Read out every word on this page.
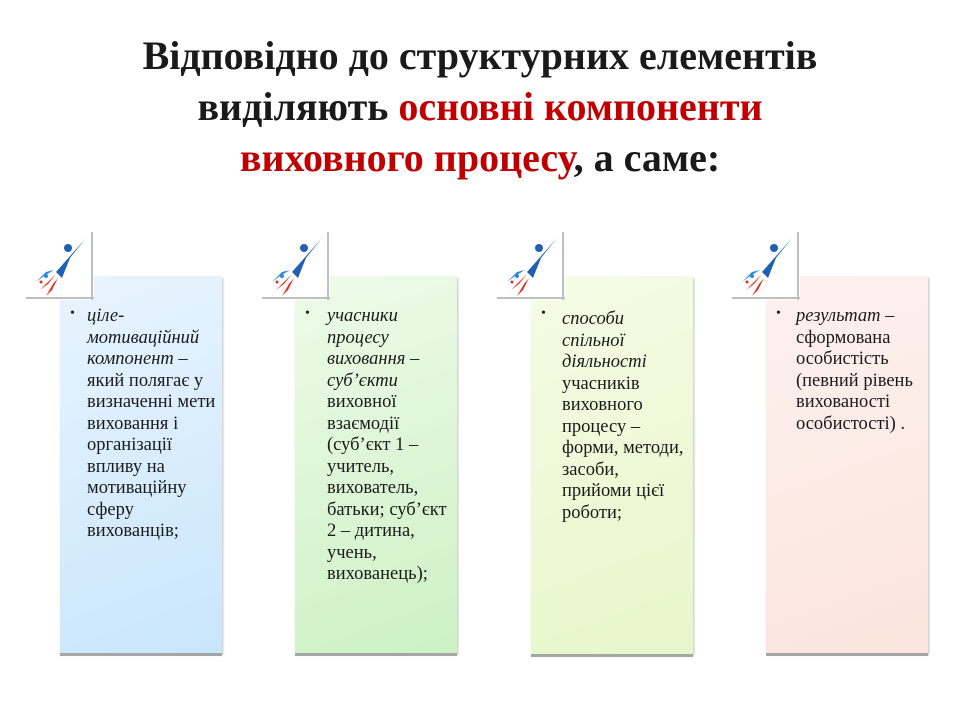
Відповідно до структурних елементів
виділяють основні компоненти
виховного процесу, а саме:
• ціле-мотиваційний компонент – який полягає у визначенні мети виховання і організації впливу на мотиваційну сферу вихованців;
• учасники процесу виховання – суб’єкти виховної взаємодії (суб’єкт 1 – учитель, вихователь, батьки; суб’єкт 2 – дитина, учень, вихованець);
• способи спільної діяльності учасників виховного процесу – форми, методи, засоби, прийоми цієї роботи;
• результат – сформована особистість (певний рівень вихованості особистості) .
